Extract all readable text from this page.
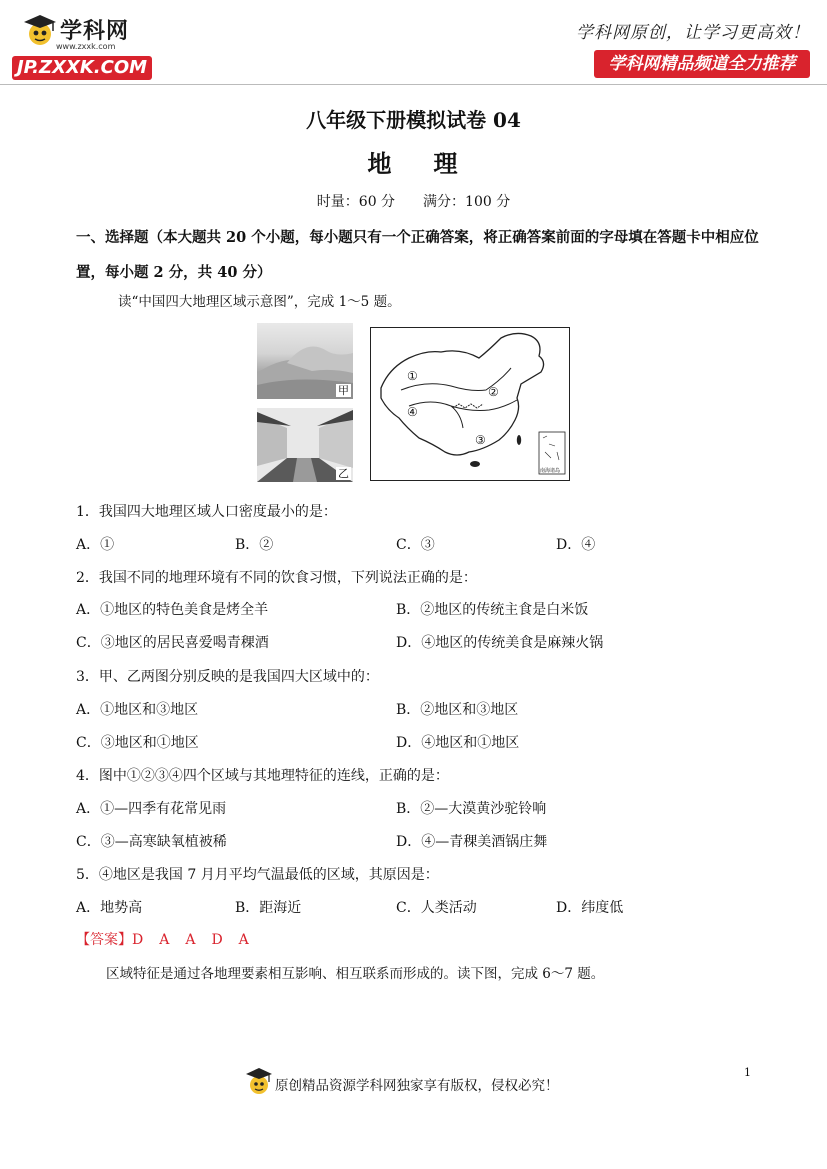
学科网
www.zxxk.com
JP.ZXXK.COM
学科网原创，让学习更高效！
学科网精品频道全力推荐
八年级下册模拟试卷 04
地 理
时量：60 分 满分：100 分
一、选择题（本大题共 20 个小题，每小题只有一个正确答案，将正确答案前面的字母填在答题卡中相应位
置，每小题 2 分，共 40 分）
读“中国四大地理区域示意图”，完成 1～5 题。
甲
乙
①
②
③
④
南海诸岛
1．我国四大地理区域人口密度最小的是：
A．①	B．②	C．③	D．④
2．我国不同的地理环境有不同的饮食习惯，下列说法正确的是：
A．①地区的特色美食是烤全羊	B．②地区的传统主食是白米饭
C．③地区的居民喜爱喝青稞酒	D．④地区的传统美食是麻辣火锅
3．甲、乙两图分别反映的是我国四大区域中的：
A．①地区和③地区	B．②地区和③地区
C．③地区和①地区	D．④地区和①地区
4．图中①②③④四个区域与其地理特征的连线，正确的是：
A．①—四季有花常见雨	B．②—大漠黄沙驼铃响
C．③—高寒缺氧植被稀	D．④—青稞美酒锅庄舞
5．④地区是我国 7 月月平均气温最低的区域，其原因是：
A．地势高	B．距海近	C．人类活动	D．纬度低
【答案】D　A　A　D　A
区域特征是通过各地理要素相互影响、相互联系而形成的。读下图，完成 6～7 题。
1
原创精品资源学科网独家享有版权，侵权必究！
